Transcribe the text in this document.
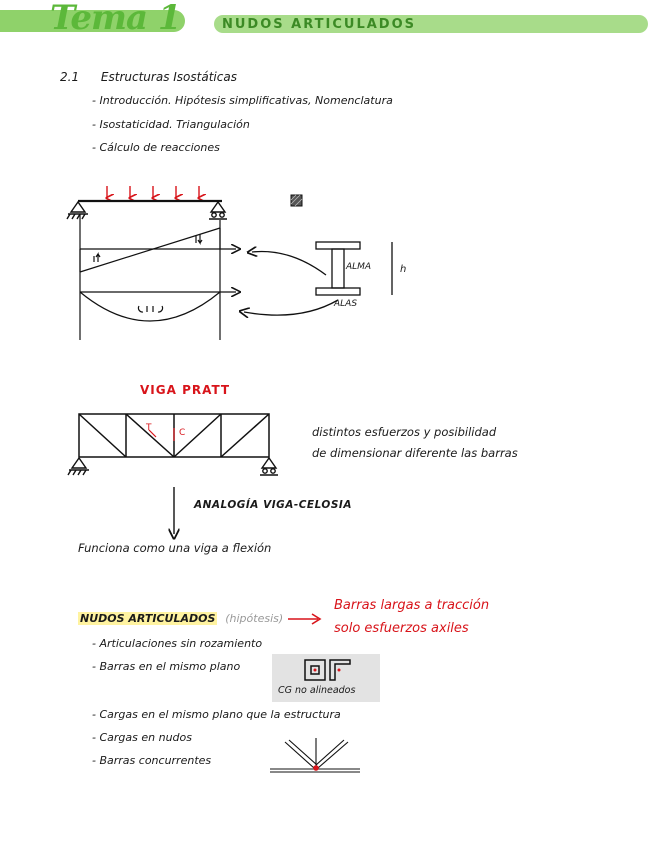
Tema 1	NUDOS ARTICULADOS
2.1 Estructuras Isostáticas
- Introducción. Hipótesis simplificativas, Nomenclatura
- Isostaticidad. Triangulación
- Cálculo de reacciones
ALMA
ALAS
h
VIGA PRATT
T	C	distintos esfuerzos y posibilidad
de dimensionar diferente las barras
ANALOGÍA VIGA-CELOSIA
Funciona como una viga a flexión
NUDOS ARTICULADOS (hipótesis)
Barras largas a tracción
solo esfuerzos axiles
- Articulaciones sin rozamiento
- Barras en el mismo plano
CG no alineados
- Cargas en el mismo plano que la estructura
- Cargas en nudos
- Barras concurrentes
